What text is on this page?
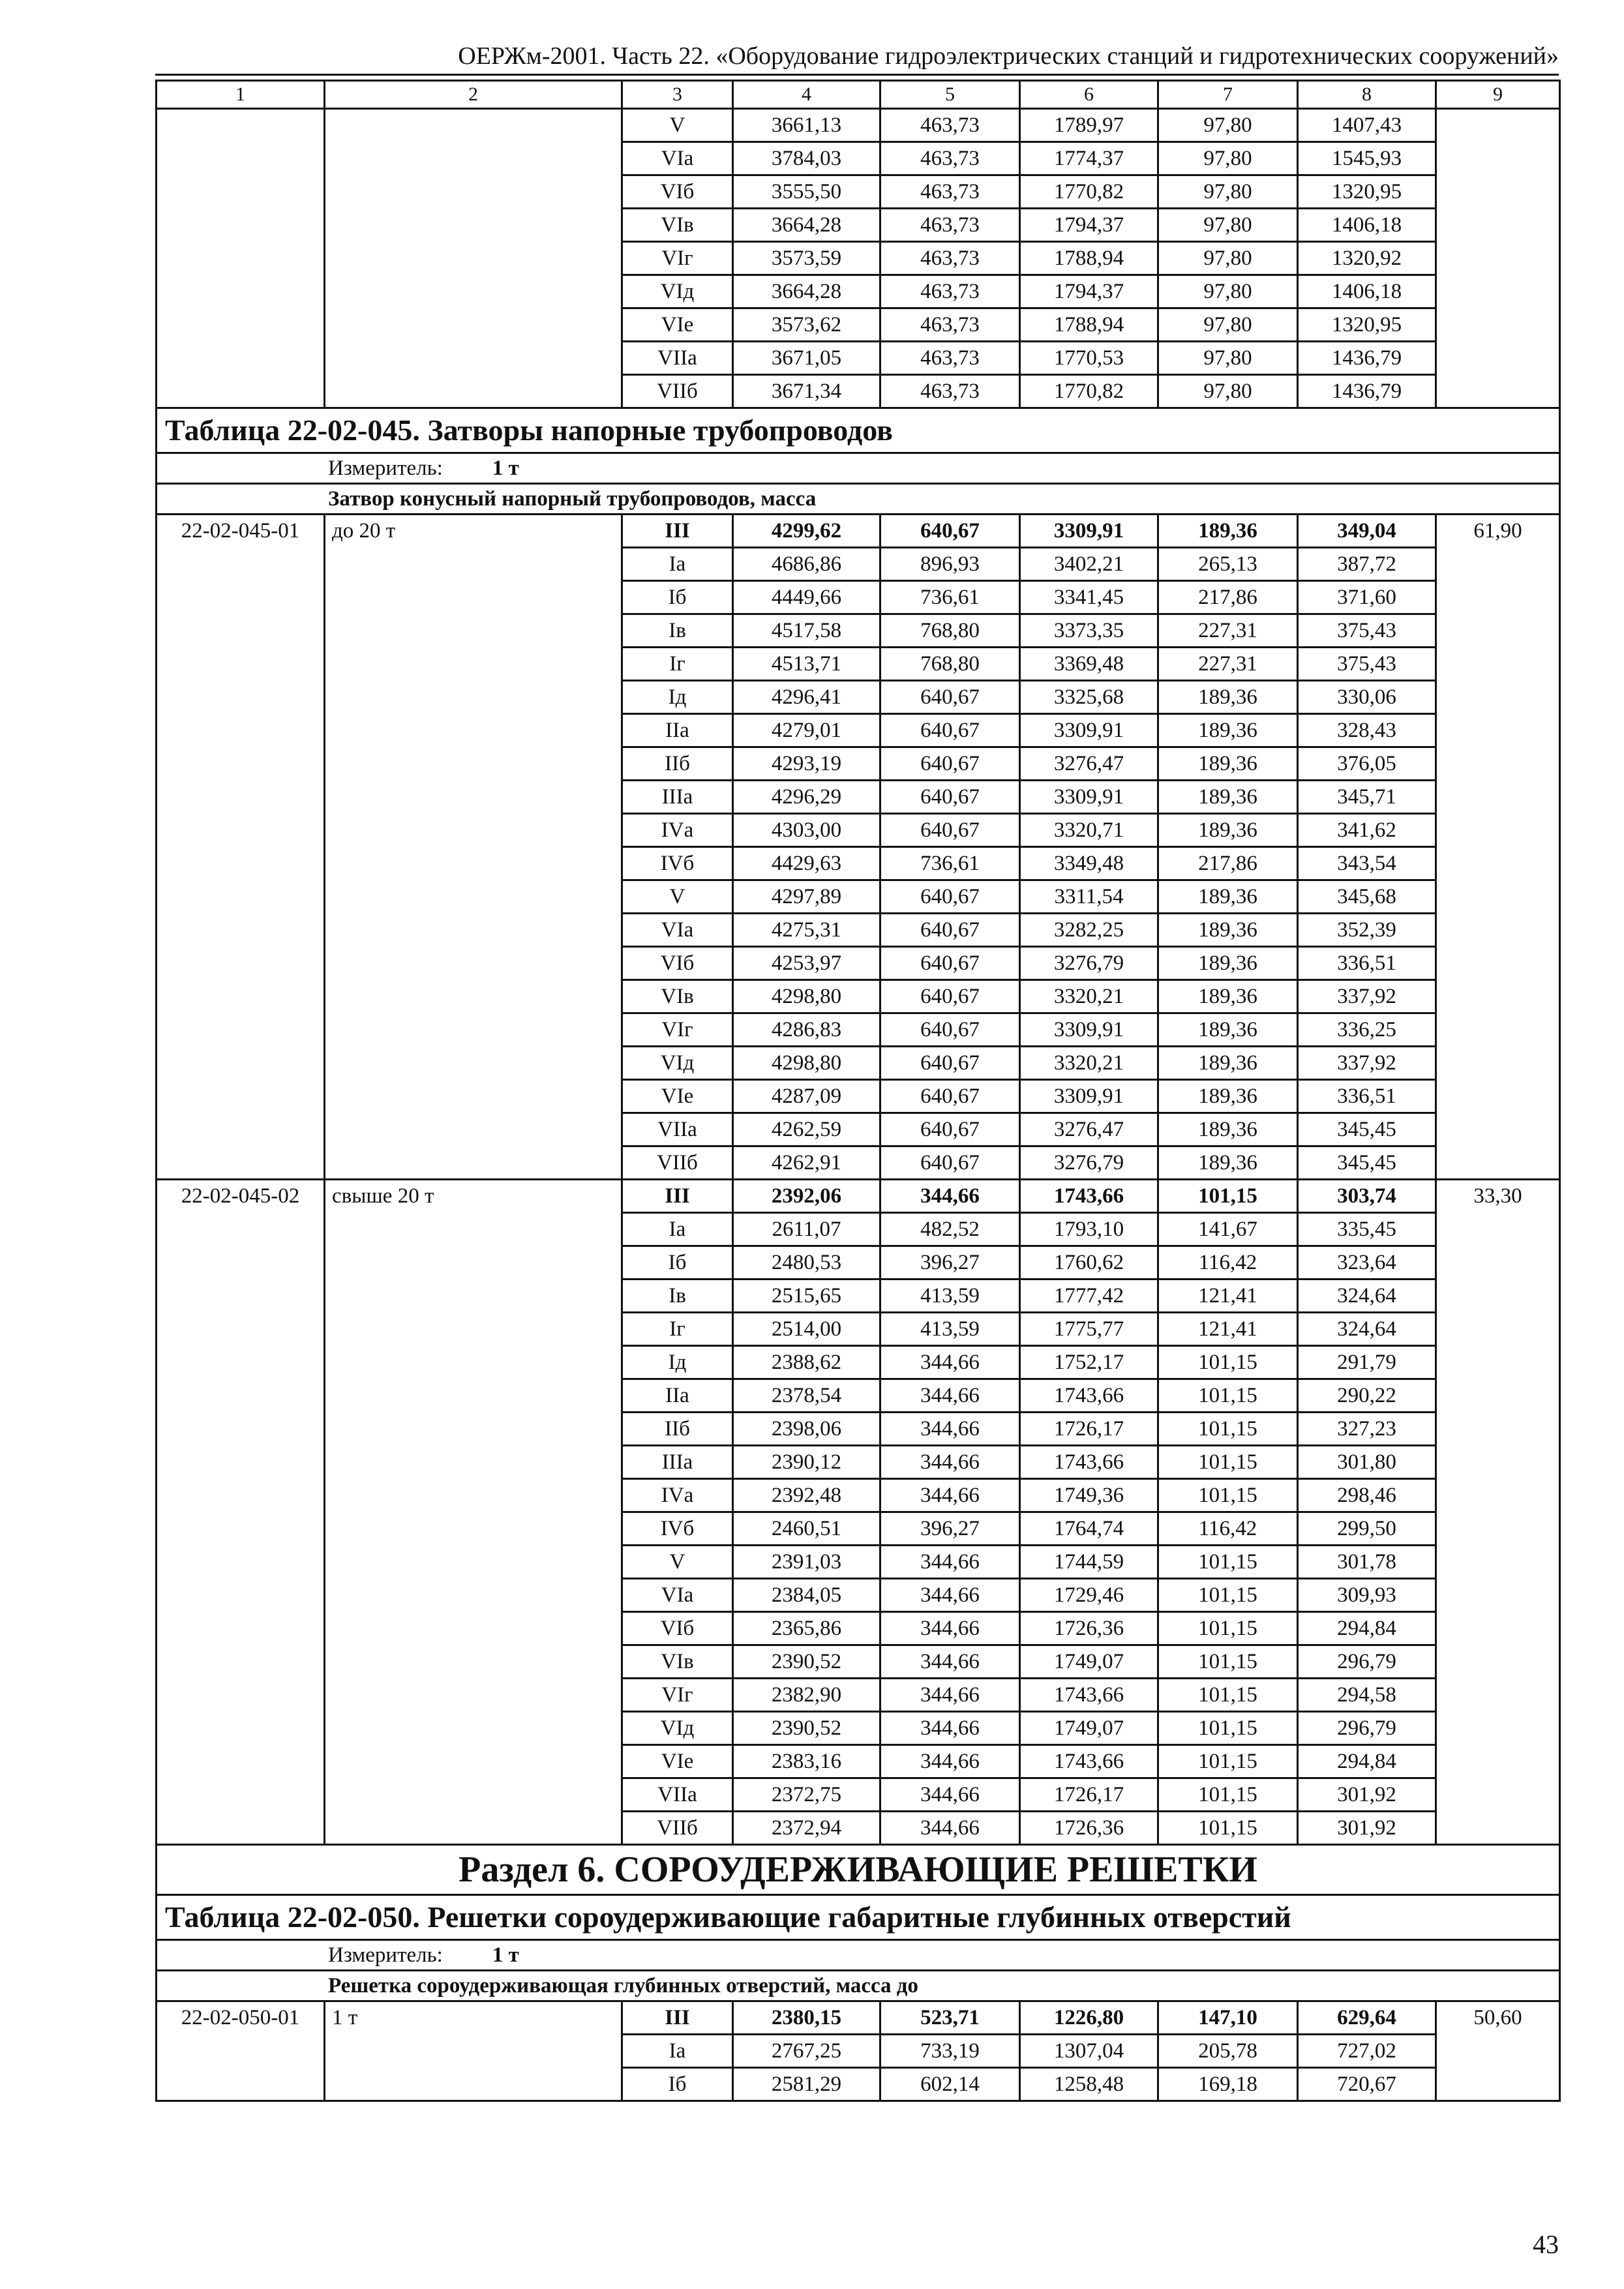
ОЕРЖм-2001. Часть 22. «Оборудование гидроэлектрических станций и гидротехнических сооружений»
1	2	3	4	5	6	7	8	9
		V	3661,13	463,73	1789,97	97,80	1407,43	
		VIа	3784,03	463,73	1774,37	97,80	1545,93	
		VIб	3555,50	463,73	1770,82	97,80	1320,95	
		VIв	3664,28	463,73	1794,37	97,80	1406,18	
		VIг	3573,59	463,73	1788,94	97,80	1320,92	
		VIд	3664,28	463,73	1794,37	97,80	1406,18	
		VIе	3573,62	463,73	1788,94	97,80	1320,95	
		VIIа	3671,05	463,73	1770,53	97,80	1436,79	
		VIIб	3671,34	463,73	1770,82	97,80	1436,79	
Таблица 22-02-045. Затворы напорные трубопроводов								
Измеритель: 1 т								
Затвор конусный напорный трубопроводов, масса								
22-02-045-01	до 20 т	III	4299,62	640,67	3309,91	189,36	349,04	61,90
		Iа	4686,86	896,93	3402,21	265,13	387,72	
		Iб	4449,66	736,61	3341,45	217,86	371,60	
		Iв	4517,58	768,80	3373,35	227,31	375,43	
		Iг	4513,71	768,80	3369,48	227,31	375,43	
		Iд	4296,41	640,67	3325,68	189,36	330,06	
		IIа	4279,01	640,67	3309,91	189,36	328,43	
		IIб	4293,19	640,67	3276,47	189,36	376,05	
		IIIа	4296,29	640,67	3309,91	189,36	345,71	
		IVа	4303,00	640,67	3320,71	189,36	341,62	
		IVб	4429,63	736,61	3349,48	217,86	343,54	
		V	4297,89	640,67	3311,54	189,36	345,68	
		VIа	4275,31	640,67	3282,25	189,36	352,39	
		VIб	4253,97	640,67	3276,79	189,36	336,51	
		VIв	4298,80	640,67	3320,21	189,36	337,92	
		VIг	4286,83	640,67	3309,91	189,36	336,25	
		VIд	4298,80	640,67	3320,21	189,36	337,92	
		VIе	4287,09	640,67	3309,91	189,36	336,51	
		VIIа	4262,59	640,67	3276,47	189,36	345,45	
		VIIб	4262,91	640,67	3276,79	189,36	345,45	
22-02-045-02	свыше 20 т	III	2392,06	344,66	1743,66	101,15	303,74	33,30
		Iа	2611,07	482,52	1793,10	141,67	335,45	
		Iб	2480,53	396,27	1760,62	116,42	323,64	
		Iв	2515,65	413,59	1777,42	121,41	324,64	
		Iг	2514,00	413,59	1775,77	121,41	324,64	
		Iд	2388,62	344,66	1752,17	101,15	291,79	
		IIа	2378,54	344,66	1743,66	101,15	290,22	
		IIб	2398,06	344,66	1726,17	101,15	327,23	
		IIIа	2390,12	344,66	1743,66	101,15	301,80	
		IVа	2392,48	344,66	1749,36	101,15	298,46	
		IVб	2460,51	396,27	1764,74	116,42	299,50	
		V	2391,03	344,66	1744,59	101,15	301,78	
		VIа	2384,05	344,66	1729,46	101,15	309,93	
		VIб	2365,86	344,66	1726,36	101,15	294,84	
		VIв	2390,52	344,66	1749,07	101,15	296,79	
		VIг	2382,90	344,66	1743,66	101,15	294,58	
		VIд	2390,52	344,66	1749,07	101,15	296,79	
		VIе	2383,16	344,66	1743,66	101,15	294,84	
		VIIа	2372,75	344,66	1726,17	101,15	301,92	
		VIIб	2372,94	344,66	1726,36	101,15	301,92	
Раздел 6. СОРОУДЕРЖИВАЮЩИЕ РЕШЕТКИ								
Таблица 22-02-050. Решетки сороудерживающие габаритные глубинных отверстий								
Измеритель: 1 т								
Решетка сороудерживающая глубинных отверстий, масса до								
22-02-050-01	1 т	III	2380,15	523,71	1226,80	147,10	629,64	50,60
		Iа	2767,25	733,19	1307,04	205,78	727,02	
		Iб	2581,29	602,14	1258,48	169,18	720,67	
43
